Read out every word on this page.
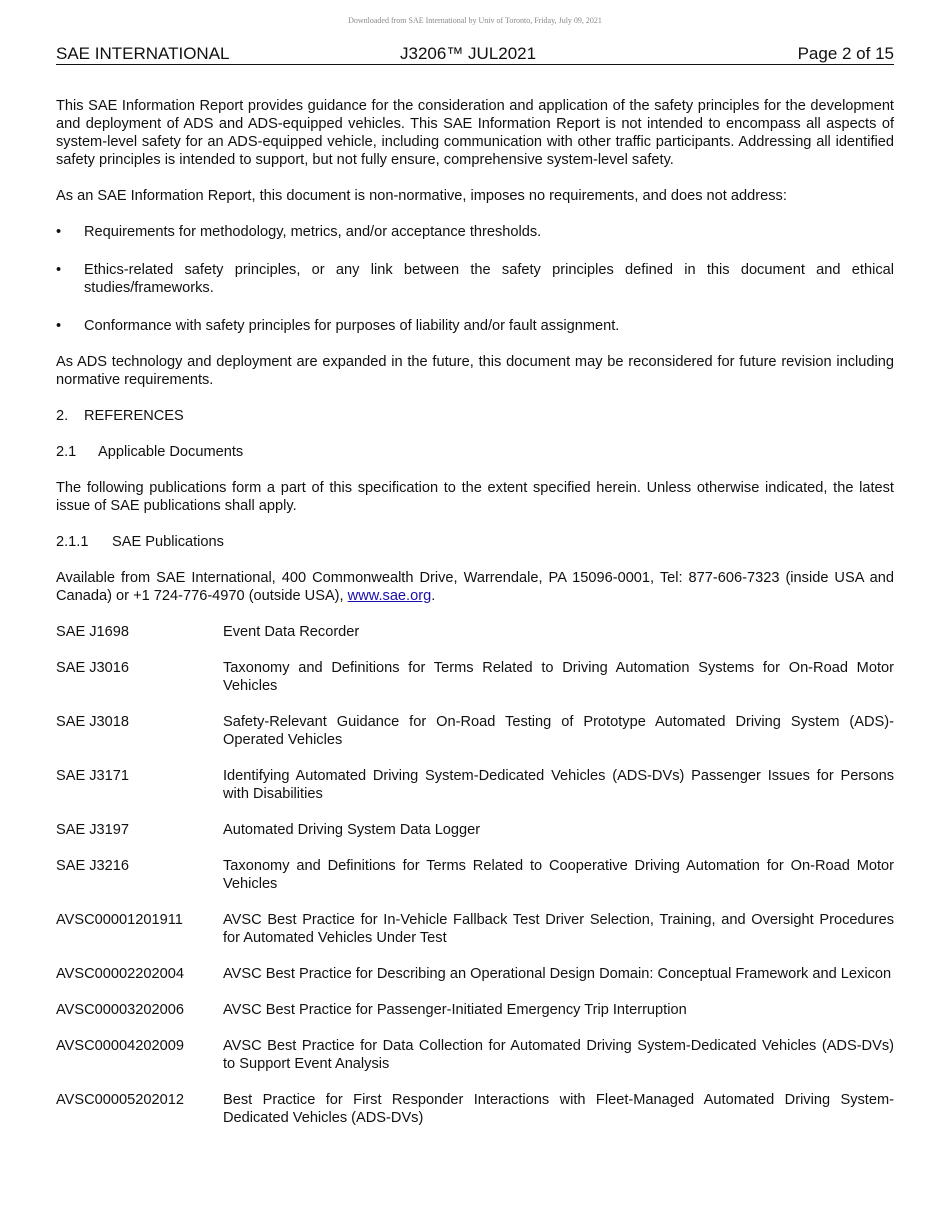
Downloaded from SAE International by Univ of Toronto, Friday, July 09, 2021
SAE INTERNATIONAL	J3206™ JUL2021	Page 2 of 15

This SAE Information Report provides guidance for the consideration and application of the safety principles for the development and deployment of ADS and ADS-equipped vehicles. This SAE Information Report is not intended to encompass all aspects of system-level safety for an ADS-equipped vehicle, including communication with other traffic participants. Addressing all identified safety principles is intended to support, but not fully ensure, comprehensive system-level safety.

As an SAE Information Report, this document is non-normative, imposes no requirements, and does not address:

• Requirements for methodology, metrics, and/or acceptance thresholds.
• Ethics-related safety principles, or any link between the safety principles defined in this document and ethical studies/frameworks.
• Conformance with safety principles for purposes of liability and/or fault assignment.

As ADS technology and deployment are expanded in the future, this document may be reconsidered for future revision including normative requirements.

2. REFERENCES
2.1 Applicable Documents

The following publications form a part of this specification to the extent specified herein. Unless otherwise indicated, the latest issue of SAE publications shall apply.

2.1.1 SAE Publications

Available from SAE International, 400 Commonwealth Drive, Warrendale, PA 15096-0001, Tel: 877-606-7323 (inside USA and Canada) or +1 724-776-4970 (outside USA), www.sae.org.

SAE J1698	Event Data Recorder
SAE J3016	Taxonomy and Definitions for Terms Related to Driving Automation Systems for On-Road Motor Vehicles
SAE J3018	Safety-Relevant Guidance for On-Road Testing of Prototype Automated Driving System (ADS)-Operated Vehicles
SAE J3171	Identifying Automated Driving System-Dedicated Vehicles (ADS-DVs) Passenger Issues for Persons with Disabilities
SAE J3197	Automated Driving System Data Logger
SAE J3216	Taxonomy and Definitions for Terms Related to Cooperative Driving Automation for On-Road Motor Vehicles
AVSC00001201911	AVSC Best Practice for In-Vehicle Fallback Test Driver Selection, Training, and Oversight Procedures for Automated Vehicles Under Test
AVSC00002202004	AVSC Best Practice for Describing an Operational Design Domain: Conceptual Framework and Lexicon
AVSC00003202006	AVSC Best Practice for Passenger-Initiated Emergency Trip Interruption
AVSC00004202009	AVSC Best Practice for Data Collection for Automated Driving System-Dedicated Vehicles (ADS-DVs) to Support Event Analysis
AVSC00005202012	Best Practice for First Responder Interactions with Fleet-Managed Automated Driving System-Dedicated Vehicles (ADS-DVs)
